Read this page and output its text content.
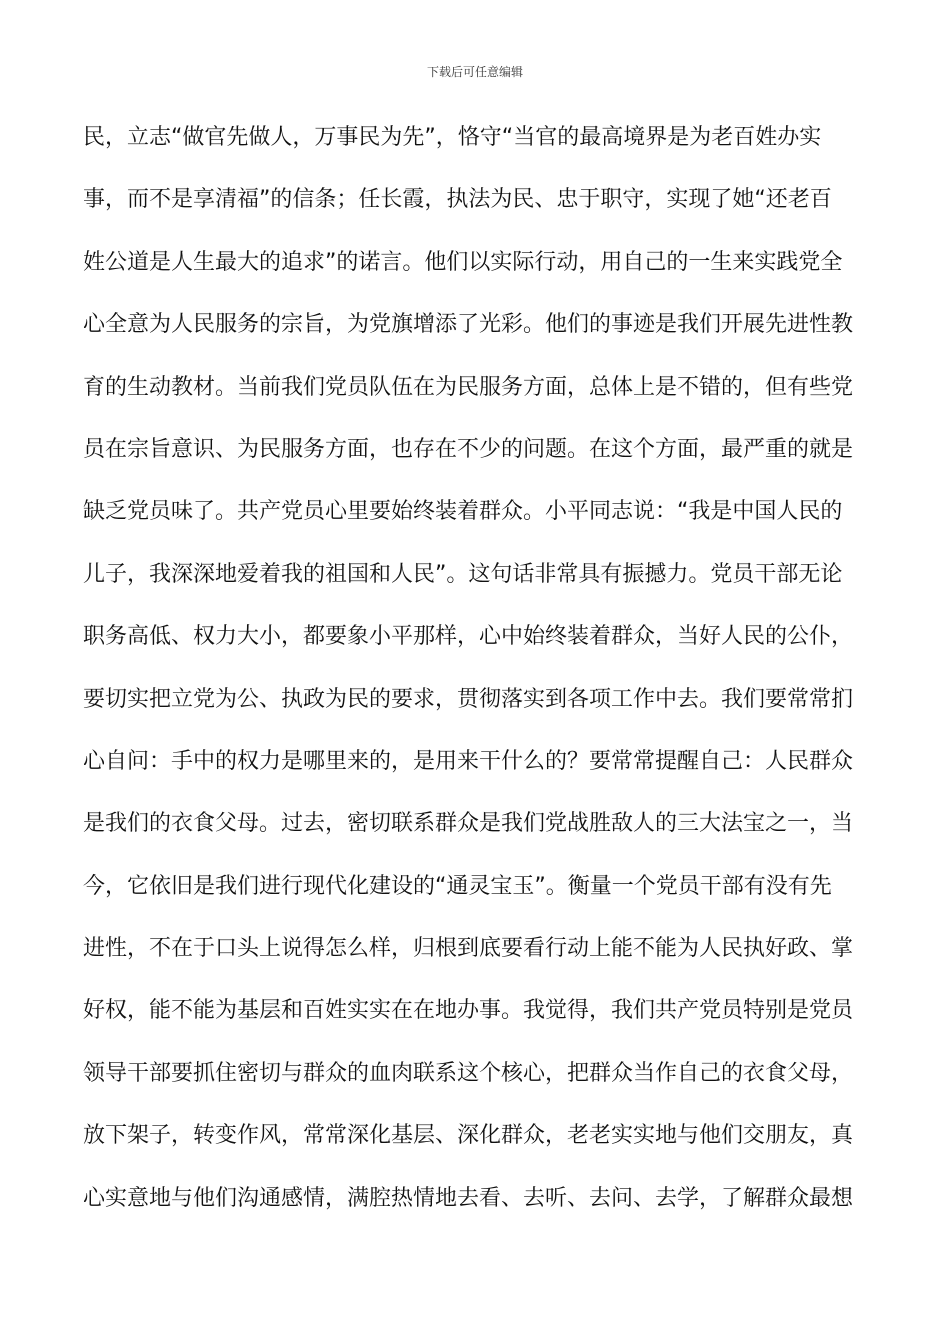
下载后可任意编辑
民，立志“做官先做人，万事民为先”，恪守“当官的最高境界是为老百姓办实
事，而不是享清福”的信条；任长霞，执法为民、忠于职守，实现了她“还老百
姓公道是人生最大的追求”的诺言。他们以实际行动，用自己的一生来实践党全
心全意为人民服务的宗旨，为党旗增添了光彩。他们的事迹是我们开展先进性教
育的生动教材。当前我们党员队伍在为民服务方面，总体上是不错的，但有些党
员在宗旨意识、为民服务方面，也存在不少的问题。在这个方面，最严重的就是
缺乏党员味了。共产党员心里要始终装着群众。小平同志说：“我是中国人民的
儿子，我深深地爱着我的祖国和人民”。这句话非常具有振撼力。党员干部无论
职务高低、权力大小，都要象小平那样，心中始终装着群众，当好人民的公仆，
要切实把立党为公、执政为民的要求，贯彻落实到各项工作中去。我们要常常扪
心自问：手中的权力是哪里来的，是用来干什么的？要常常提醒自己：人民群众
是我们的衣食父母。过去，密切联系群众是我们党战胜敌人的三大法宝之一，当
今，它依旧是我们进行现代化建设的“通灵宝玉”。衡量一个党员干部有没有先
进性，不在于口头上说得怎么样，归根到底要看行动上能不能为人民执好政、掌
好权，能不能为基层和百姓实实在在地办事。我觉得，我们共产党员特别是党员
领导干部要抓住密切与群众的血肉联系这个核心，把群众当作自己的衣食父母，
放下架子，转变作风，常常深化基层、深化群众，老老实实地与他们交朋友，真
心实意地与他们沟通感情，满腔热情地去看、去听、去问、去学，了解群众最想
